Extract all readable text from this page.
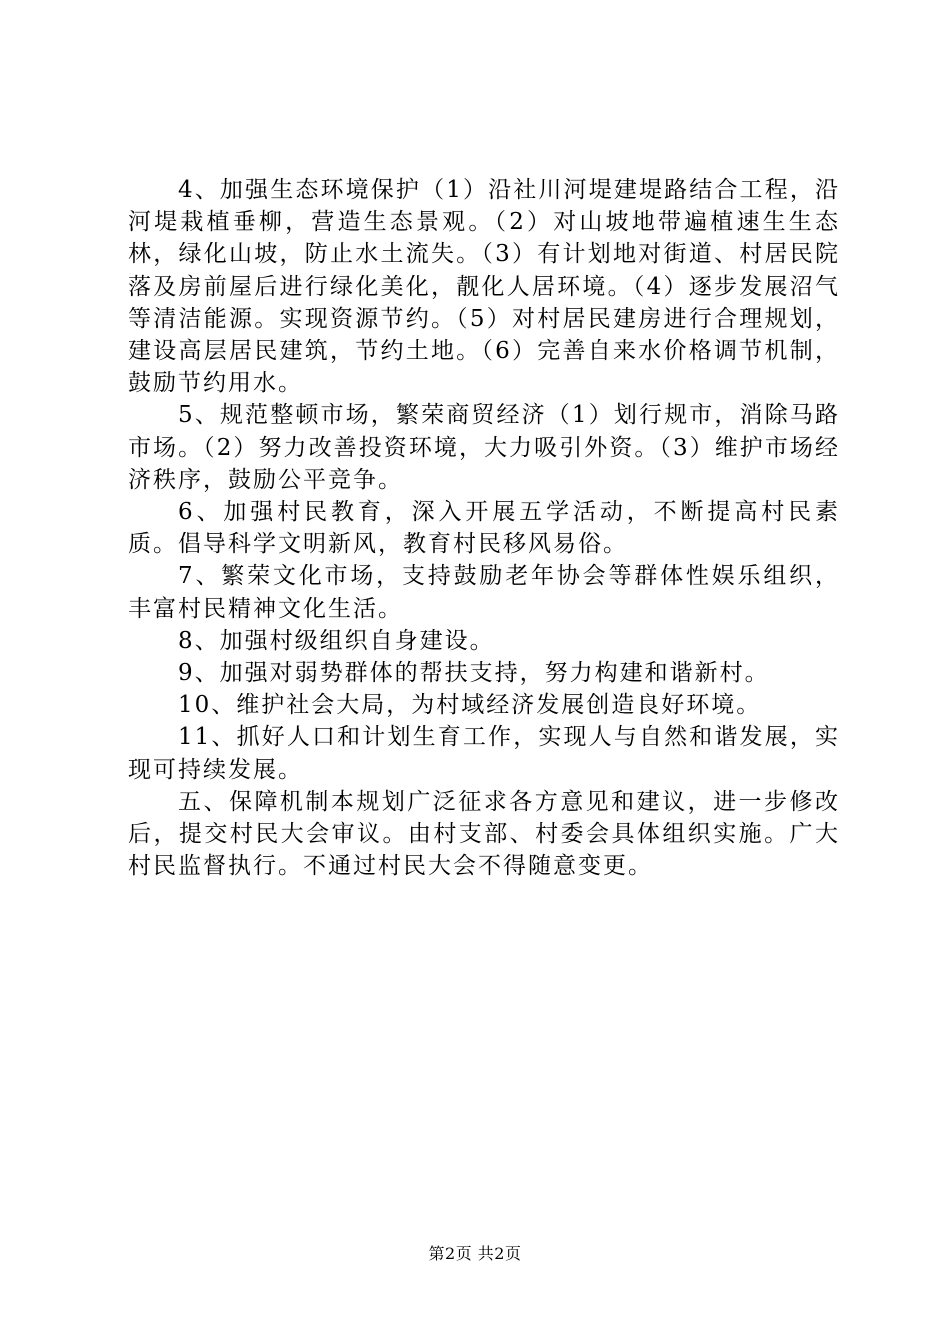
4、加强生态环境保护（1）沿社川河堤建堤路结合工程，沿河堤栽植垂柳，营造生态景观。（2）对山坡地带遍植速生生态林，绿化山坡，防止水土流失。（3）有计划地对街道、村居民院落及房前屋后进行绿化美化，靓化人居环境。（4）逐步发展沼气等清洁能源。实现资源节约。（5）对村居民建房进行合理规划，建设高层居民建筑，节约土地。（6）完善自来水价格调节机制，鼓励节约用水。

5、规范整顿市场，繁荣商贸经济（1）划行规市，消除马路市场。（2）努力改善投资环境，大力吸引外资。（3）维护市场经济秩序，鼓励公平竞争。

6、加强村民教育，深入开展五学活动，不断提高村民素质。倡导科学文明新风，教育村民移风易俗。

7、繁荣文化市场，支持鼓励老年协会等群体性娱乐组织，丰富村民精神文化生活。

8、加强村级组织自身建设。

9、加强对弱势群体的帮扶支持，努力构建和谐新村。

10、维护社会大局，为村域经济发展创造良好环境。

11、抓好人口和计划生育工作，实现人与自然和谐发展，实现可持续发展。

五、保障机制本规划广泛征求各方意见和建议，进一步修改后，提交村民大会审议。由村支部、村委会具体组织实施。广大村民监督执行。不通过村民大会不得随意变更。

第2页 共2页
